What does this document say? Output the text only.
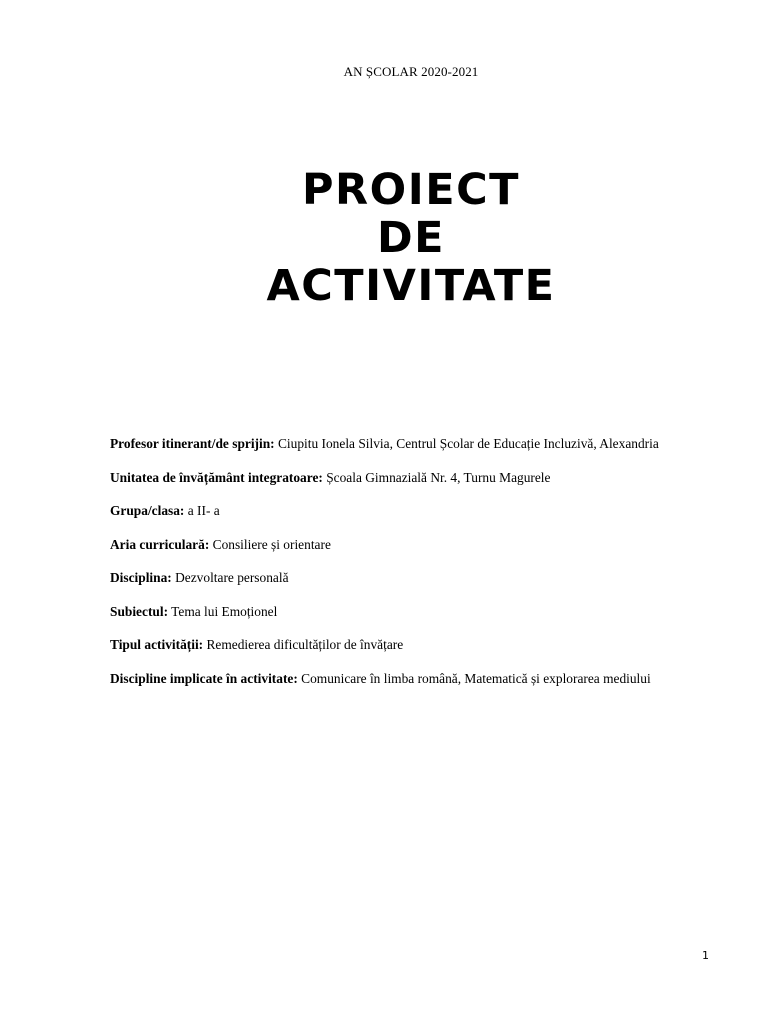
AN ȘCOLAR 2020-2021
PROIECT
DE
ACTIVITATE

Profesor itinerant/de sprijin: Ciupitu Ionela Silvia, Centrul Școlar de Educație Incluzivă, Alexandria

Unitatea de învățământ integratoare: Școala Gimnazială Nr. 4, Turnu Magurele

Grupa/clasa: a II- a

Aria curriculară: Consiliere și orientare

Disciplina: Dezvoltare personală

Subiectul: Tema lui Emoționel

Tipul activității: Remedierea dificultăților de învățare

Discipline implicate în activitate: Comunicare în limba română, Matematică și explorarea mediului

1
